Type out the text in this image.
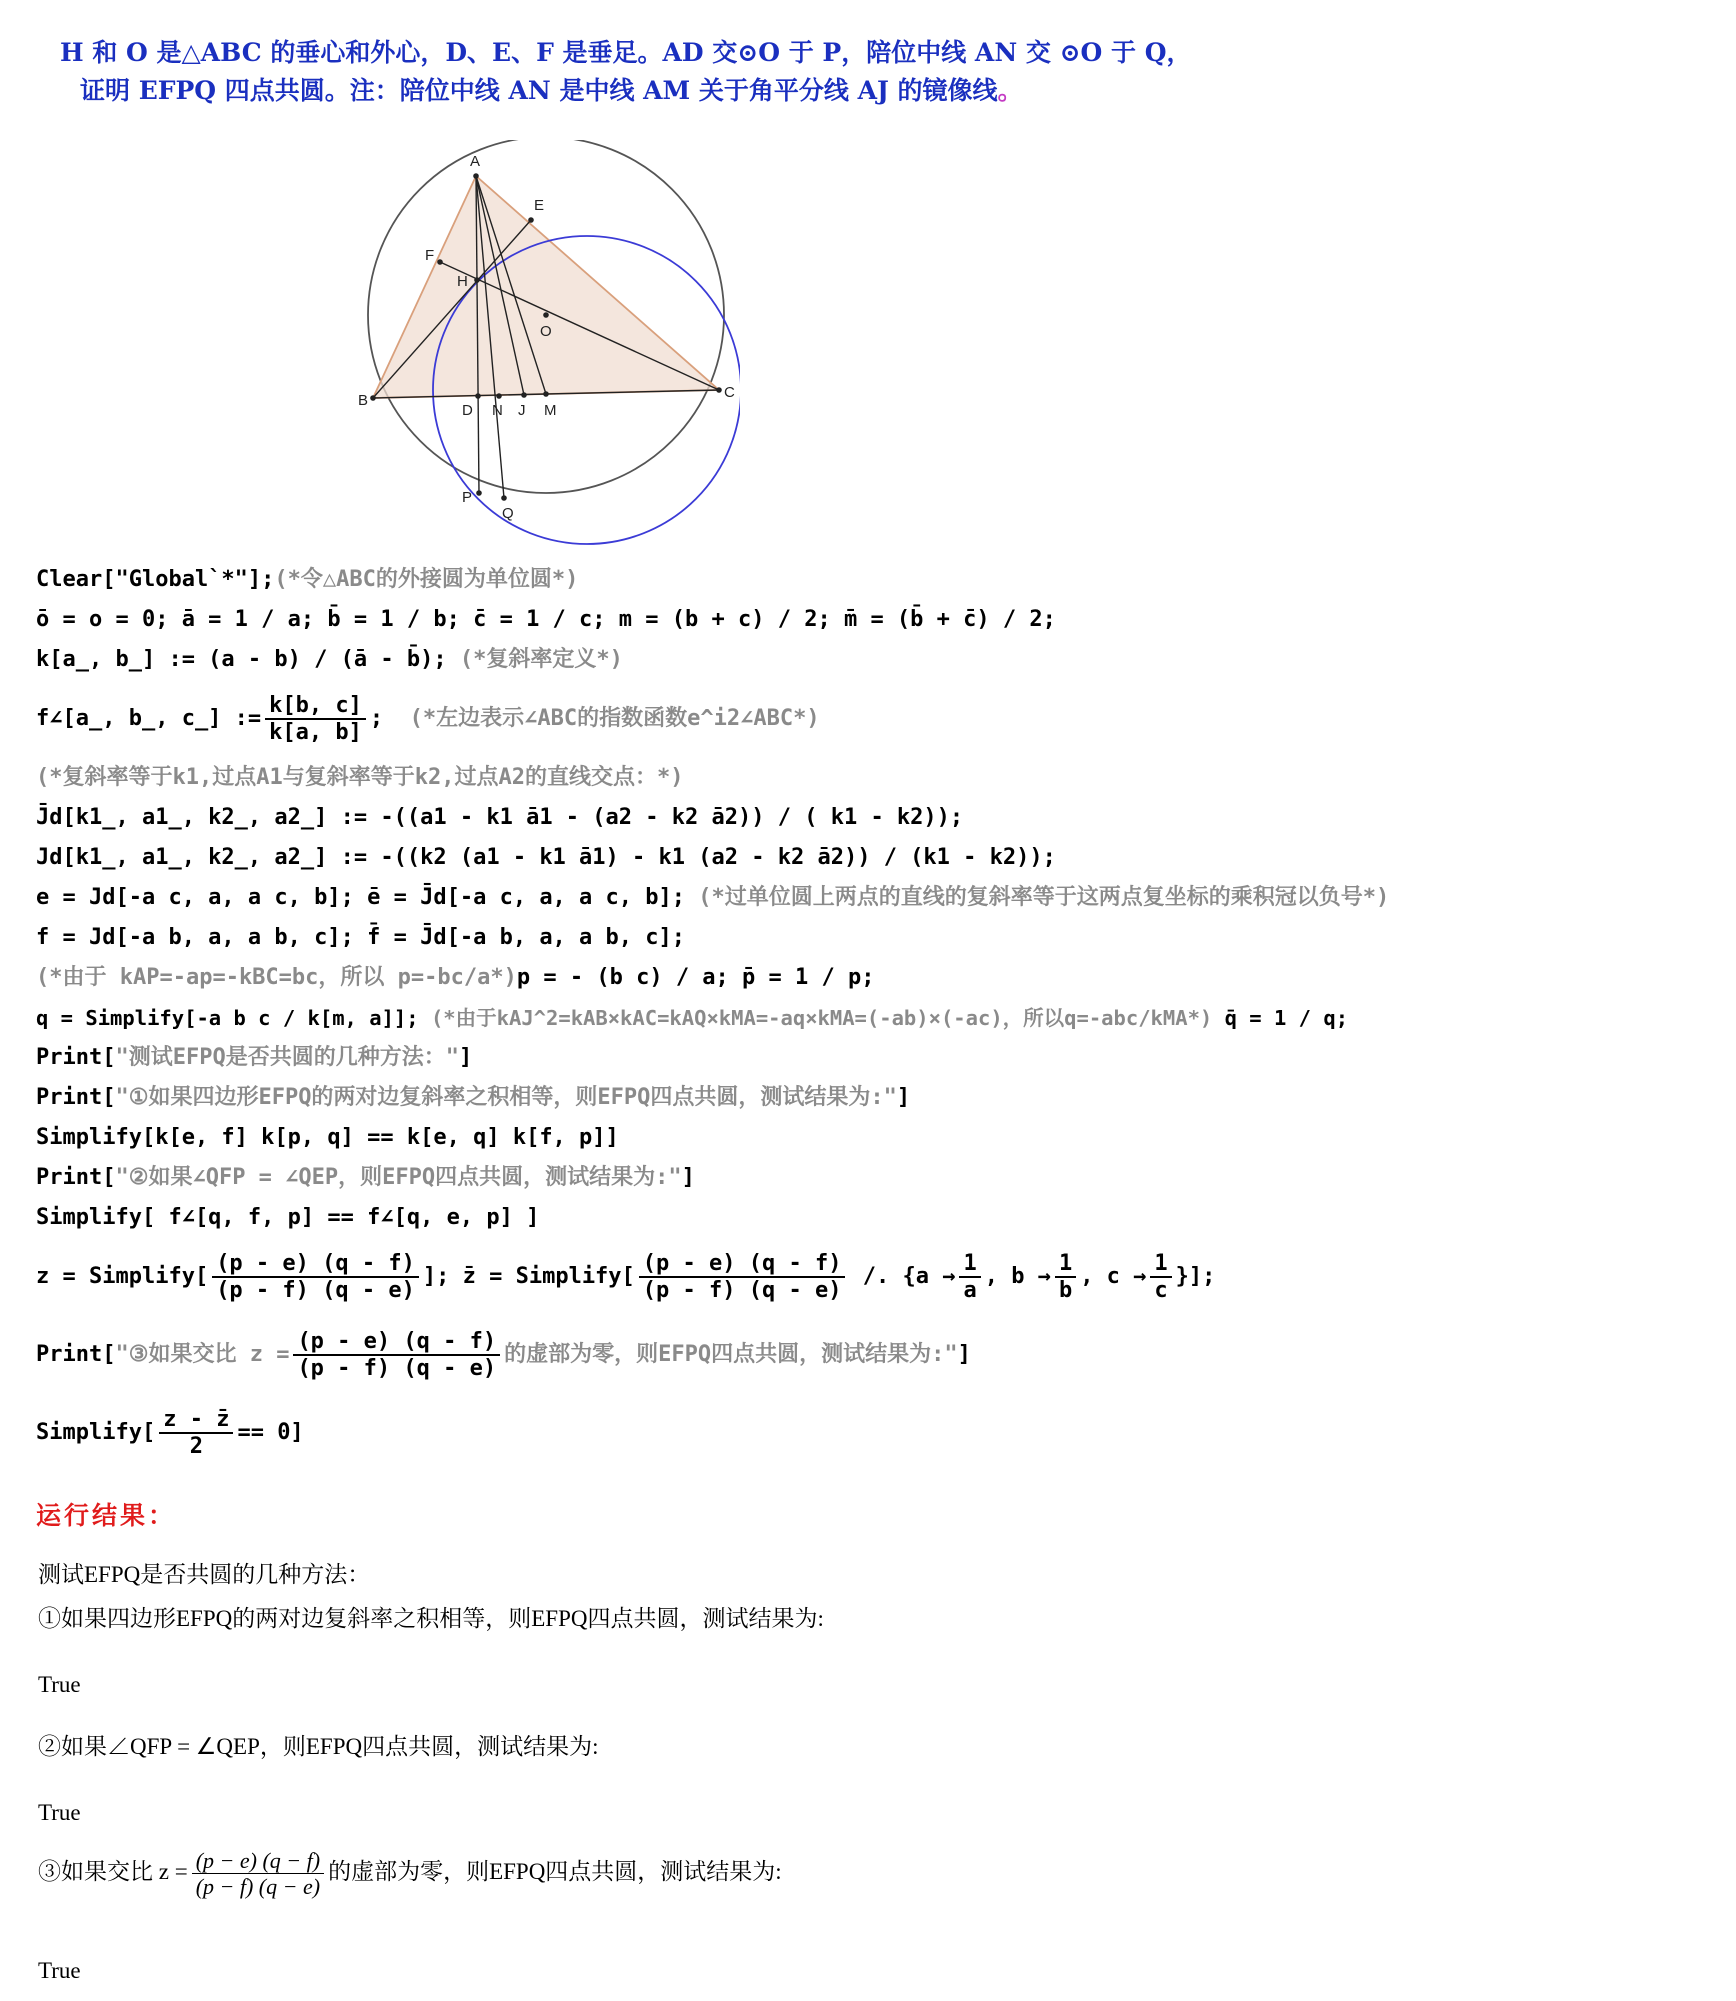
H 和 O 是△ABC 的垂心和外心，D、E、F 是垂足。AD 交⊙O 于 P，陪位中线 AN 交 ⊙O 于 Q，
证明 EFPQ 四点共圆。注：陪位中线 AN 是中线 AM 关于角平分线 AJ 的镜像线。
A
B	C
E
F
H
O
D N J M
P
Q
Clear["Global`*"];(*令△ABC的外接圆为单位圆*)
ō = o = 0; ā = 1 / a; b̄ = 1 / b; c̄ = 1 / c; m = (b + c) / 2; m̄ = (b̄ + c̄) / 2;
k[a_, b_] := (a - b) / (ā - b̄); (*复斜率定义*)
f∠[a_, b_, c_] := $\frac{k[b, c]}{k[a, b]}$ ; (*左边表示∠ABC的指数函数e^i2∠ABC*)
(*复斜率等于k1,过点A1与复斜率等于k2,过点A2的直线交点：*)
J̄d[k1_, a1_, k2_, a2_] := -((a1 - k1 ā1 - (a2 - k2 ā2)) / ( k1 - k2));
Jd[k1_, a1_, k2_, a2_] := -((k2 (a1 - k1 ā1) - k1 (a2 - k2 ā2)) / (k1 - k2));
e = Jd[-a c, a, a c, b]; ē = J̄d[-a c, a, a c, b]; (*过单位圆上两点的直线的复斜率等于这两点复坐标的乘积冠以负号*)
f = Jd[-a b, a, a b, c]; f̄ = J̄d[-a b, a, a b, c];
(*由于 kAP=-ap=-kBC=bc，所以 p=-bc/a*)p = - (b c) / a; p̄ = 1 / p;
q = Simplify[-a b c / k[m, a]]; (*由于kAJ^2=kAB×kAC=kAQ×kMA=-aq×kMA=(-ab)×(-ac)，所以q=-abc/kMA*) q̄ = 1 / q;
Print["测试EFPQ是否共圆的几种方法："]
Print["①如果四边形EFPQ的两对边复斜率之积相等，则EFPQ四点共圆，测试结果为:"]
Simplify[k[e, f] k[p, q] == k[e, q] k[f, p]]
Print["②如果∠QFP = ∠QEP，则EFPQ四点共圆，测试结果为:"]
Simplify[ f∠[q, f, p] == f∠[q, e, p] ]
z = Simplify[ $\frac{(p - e) (q - f)}{(p - f) (q - e)}$ ]; z̄ = Simplify[ $\frac{(p - e) (q - f)}{(p - f) (q - e)}$ /. {$a \to \frac{1}{a}$ , $b \to \frac{1}{b}$ , $c \to \frac{1}{c}$ }];
Print["③如果交比 $z = \frac{(p - e) (q - f)}{(p - f) (q - e)}$ 的虚部为零，则EFPQ四点共圆，测试结果为:"]
Simplify[ $\frac{z - z̄}{2} == 0$]
运行结果：
测试EFPQ是否共圆的几种方法：
①如果四边形EFPQ的两对边复斜率之积相等，则EFPQ四点共圆，测试结果为:
True
②如果∠QFP = ∠QEP，则EFPQ四点共圆，测试结果为:
True
③如果交比 $z = \frac{(p - e) (q - f)}{(p - f) (q - e)}$ 的虚部为零，则EFPQ四点共圆，测试结果为:
True
